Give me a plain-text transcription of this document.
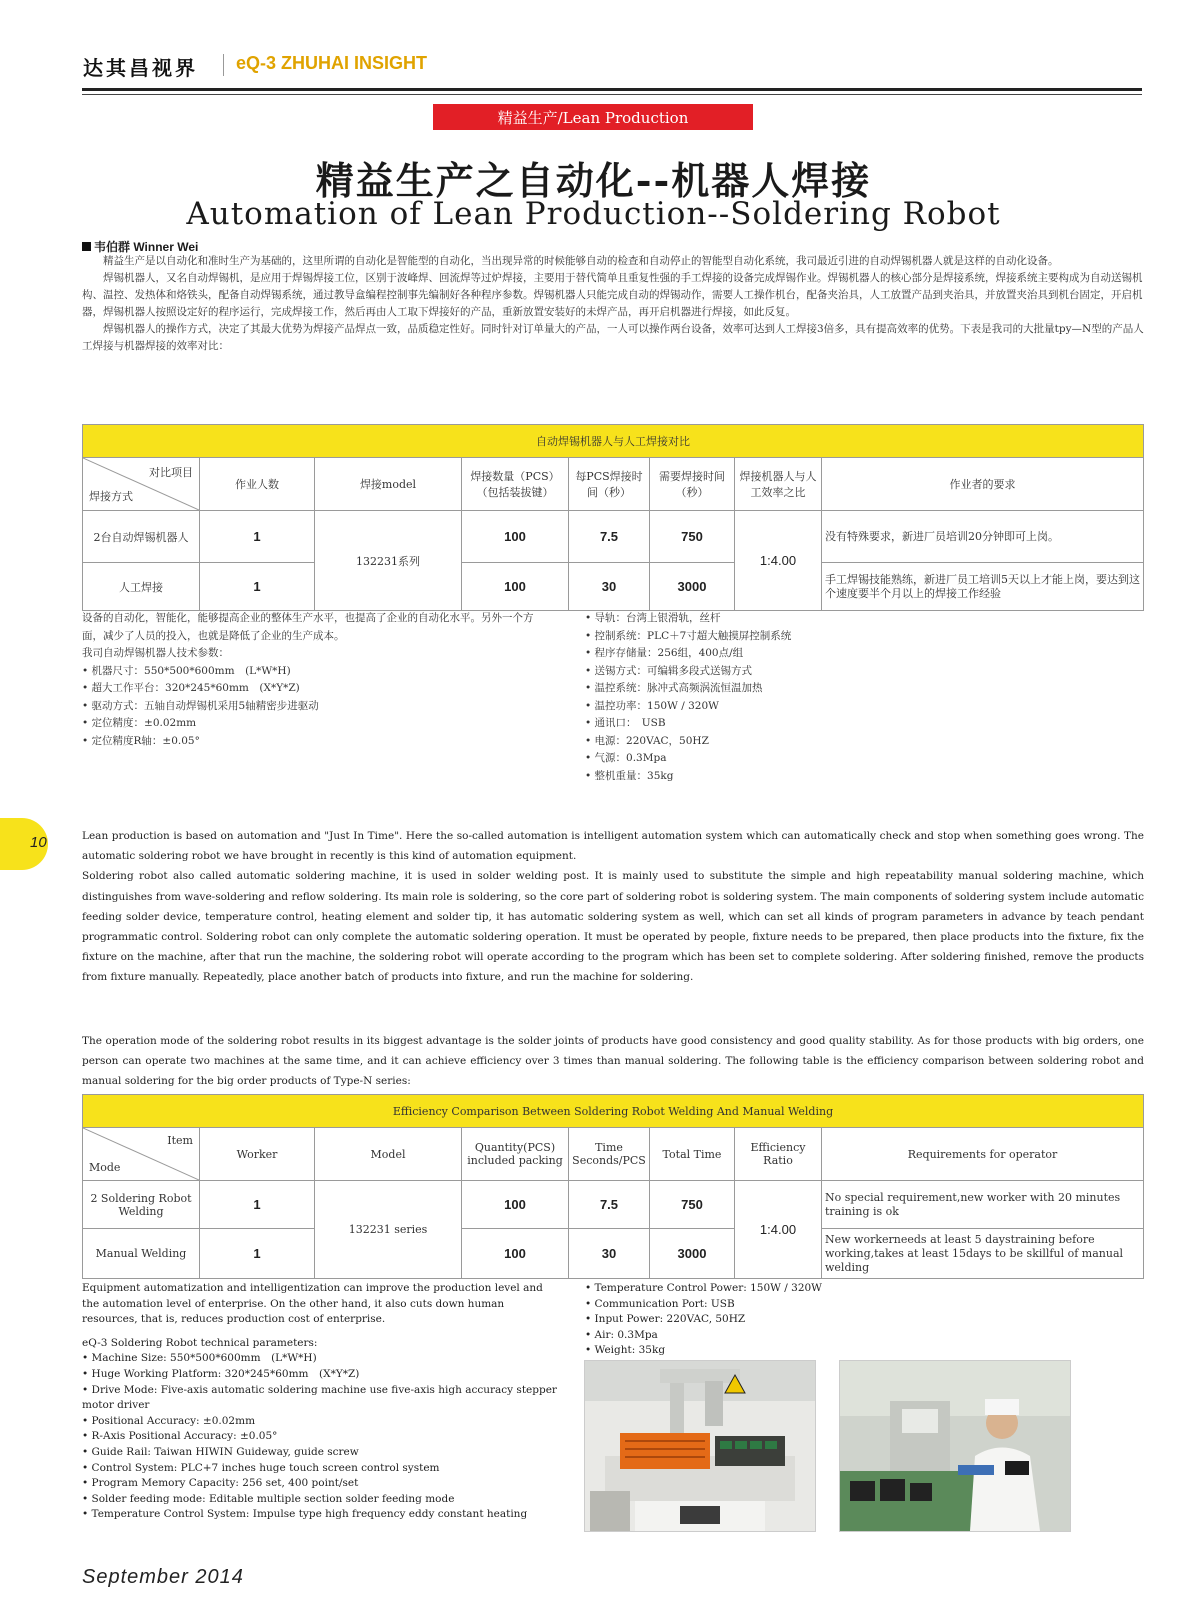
达其昌视界 eQ-3 ZHUHAI INSIGHT
精益生产/Lean Production
精益生产之自动化--机器人焊接
Automation of Lean Production--Soldering Robot
韦伯群 Winner Wei

精益生产是以自动化和准时生产为基础的，这里所谓的自动化是智能型的自动化，当出现异常的时候能够自动的检查和自动停止的智能型自动化系统，我司最近引进的自动焊锡机器人就是这样的自动化设备。

焊锡机器人，又名自动焊锡机，是应用于焊锡焊接工位，区别于波峰焊、回流焊等过炉焊接，主要用于替代简单且重复性强的手工焊接的设备完成焊锡作业。焊锡机器人的核心部分是焊接系统，焊接系统主要构成为自动送锡机构、温控、发热体和烙铁头，配备自动焊锡系统，通过教导盒编程控制事先编制好各种程序参数。焊锡机器人只能完成自动的焊锡动作，需要人工操作机台，配备夹治具，人工放置产品到夹治具，并放置夹治具到机台固定，开启机器，焊锡机器人按照设定好的程序运行，完成焊接工作，然后再由人工取下焊接好的产品，重新放置安装好的未焊产品，再开启机器进行焊接，如此反复。

焊锡机器人的操作方式，决定了其最大优势为焊接产品焊点一致，品质稳定性好。同时针对订单量大的产品，一人可以操作两台设备，效率可达到人工焊接3倍多，具有提高效率的优势。下表是我司的大批量tpy—N型的产品人工焊接与机器焊接的效率对比：

自动焊锡机器人与人工焊接对比							

对比项目
焊接方式	作业人数	焊接model	焊接数量（PCS）（包括装拔键）	每PCS焊接时间（秒）	需要焊接时间（秒）	焊接机器人与人工效率之比	作业者的要求
2台自动焊锡机器人	1	132231系列	100	7.5	750	1:4.00	没有特殊要求，新进厂员培训20分钟即可上岗。
人工焊接	1		100	30	3000		手工焊锡技能熟练，新进厂员工培训5天以上才能上岗，要达到这个速度要半个月以上的焊接工作经验

设备的自动化，智能化，能够提高企业的整体生产水平，也提高了企业的自动化水平。另外一个方面，减少了人员的投入，也就是降低了企业的生产成本。

我司自动焊锡机器人技术参数：

• 机器尺寸：550*500*600mm　(L*W*H)

• 超大工作平台：320*245*60mm　(X*Y*Z)

• 驱动方式：五轴自动焊锡机采用5轴精密步进驱动

• 定位精度：±0.02mm

• 定位精度R轴：±0.05°

• 导轨：台湾上银滑轨，丝杆

• 控制系统：PLC＋7寸超大触摸屏控制系统

• 程序存储量：256组，400点/组

• 送锡方式：可编辑多段式送锡方式

• 温控系统：脉冲式高频涡流恒温加热

• 温控功率：150W / 320W

• 通讯口：　USB

• 电源：220VAC，50HZ

• 气源：0.3Mpa

• 整机重量：35kg

10	Lean production is based on automation and "Just In Time". Here the so-called automation is intelligent automation system which can automatically check and stop when something goes wrong. The automatic soldering robot we have brought in recently is this kind of automation equipment.

Soldering robot also called automatic soldering machine, it is used in solder welding post. It is mainly used to substitute the simple and high repeatability manual soldering machine, which distinguishes from wave-soldering and reflow soldering. Its main role is soldering, so the core part of soldering robot is soldering system. The main components of soldering system include automatic feeding solder device, temperature control, heating element and solder tip, it has automatic soldering system as well, which can set all kinds of program parameters in advance by teach pendant programmatic control. Soldering robot can only complete the automatic soldering operation. It must be operated by people, fixture needs to be prepared, then place products into the fixture, fix the fixture on the machine, after that run the machine, the soldering robot will operate according to the program which has been set to complete soldering. After soldering finished, remove the products from fixture manually. Repeatedly, place another batch of products into fixture, and run the machine for soldering.

The operation mode of the soldering robot results in its biggest advantage is the solder joints of products have good consistency and good quality stability. As for those products with big orders, one person can operate two machines at the same time, and it can achieve efficiency over 3 times than manual soldering. The following table is the efficiency comparison between soldering robot and manual soldering for the big order products of Type-N series:

Efficiency Comparison Between Soldering Robot Welding And Manual Welding							

Item
Mode	Worker	Model	Quantity(PCS) included packing	Time Seconds/PCS	Total Time	Efficiency Ratio	Requirements for operator
2 Soldering Robot Welding	1	132231 series	100	7.5	750	1:4.00	No special requirement,new worker with 20 minutes training is ok
Manual Welding	1		100	30	3000		New workerneeds at least 5 daystraining before working,takes at least 15days to be skillful of manual welding

Equipment automatization and intelligentization can improve the production level and the automation level of enterprise. On the other hand, it also cuts down human resources, that is, reduces production cost of enterprise.

eQ-3 Soldering Robot technical parameters:

• Machine Size: 550*500*600mm　(L*W*H)

• Huge Working Platform: 320*245*60mm　(X*Y*Z)

• Drive Mode: Five-axis automatic soldering machine use five-axis high accuracy stepper motor driver

• Positional Accuracy: ±0.02mm

• R-Axis Positional Accuracy: ±0.05°

• Guide Rail: Taiwan HIWIN Guideway, guide screw

• Control System: PLC+7 inches huge touch screen control system

• Program Memory Capacity: 256 set, 400 point/set

• Solder feeding mode: Editable multiple section solder feeding mode

• Temperature Control System: Impulse type high frequency eddy constant heating

• Temperature Control Power: 150W / 320W

• Communication Port: USB

• Input Power: 220VAC, 50HZ

• Air: 0.3Mpa

• Weight: 35kg

September 2014
